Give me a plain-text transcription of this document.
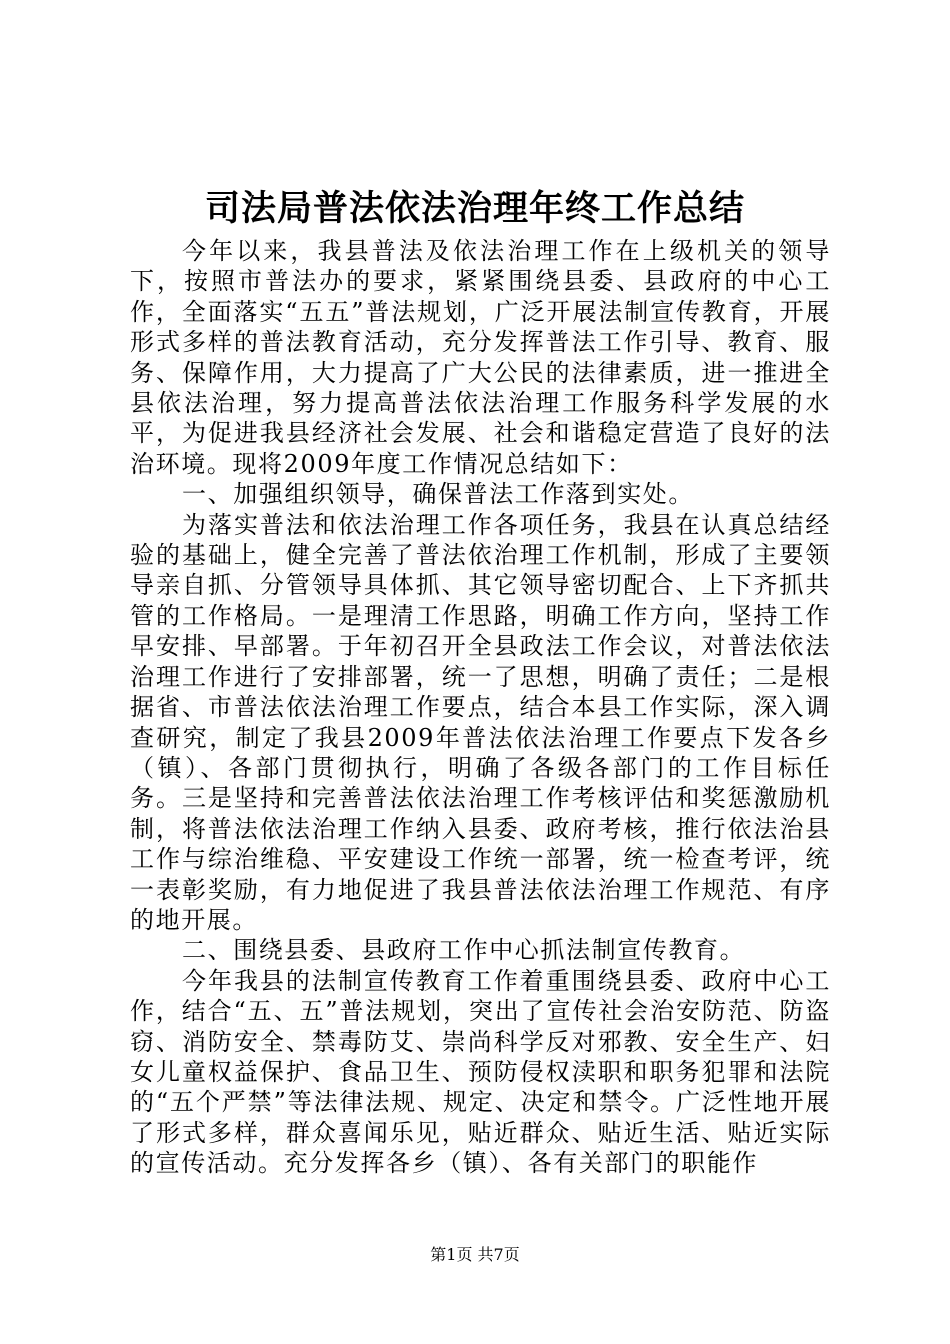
司法局普法依法治理年终工作总结

今年以来，我县普法及依法治理工作在上级机关的领导下，按照市普法办的要求，紧紧围绕县委、县政府的中心工作，全面落实“五五”普法规划，广泛开展法制宣传教育，开展形式多样的普法教育活动，充分发挥普法工作引导、教育、服务、保障作用，大力提高了广大公民的法律素质，进一推进全县依法治理，努力提高普法依法治理工作服务科学发展的水平，为促进我县经济社会发展、社会和谐稳定营造了良好的法治环境。现将2009年度工作情况总结如下：

一、加强组织领导，确保普法工作落到实处。

为落实普法和依法治理工作各项任务，我县在认真总结经验的基础上，健全完善了普法依治理工作机制，形成了主要领导亲自抓、分管领导具体抓、其它领导密切配合、上下齐抓共管的工作格局。一是理清工作思路，明确工作方向，坚持工作早安排、早部署。于年初召开全县政法工作会议，对普法依法治理工作进行了安排部署，统一了思想，明确了责任；二是根据省、市普法依法治理工作要点，结合本县工作实际，深入调查研究，制定了我县2009年普法依法治理工作要点下发各乡（镇）、各部门贯彻执行，明确了各级各部门的工作目标任务。三是坚持和完善普法依法治理工作考核评估和奖惩激励机制，将普法依法治理工作纳入县委、政府考核，推行依法治县工作与综治维稳、平安建设工作统一部署，统一检查考评，统一表彰奖励，有力地促进了我县普法依法治理工作规范、有序的地开展。

二、围绕县委、县政府工作中心抓法制宣传教育。

今年我县的法制宣传教育工作着重围绕县委、政府中心工作，结合“五、五”普法规划，突出了宣传社会治安防范、防盗窃、消防安全、禁毒防艾、崇尚科学反对邪教、安全生产、妇女儿童权益保护、食品卫生、预防侵权渎职和职务犯罪和法院的“五个严禁”等法律法规、规定、决定和禁令。广泛性地开展了形式多样，群众喜闻乐见，贴近群众、贴近生活、贴近实际的宣传活动。充分发挥各乡（镇）、各有关部门的职能作

第1页 共7页
